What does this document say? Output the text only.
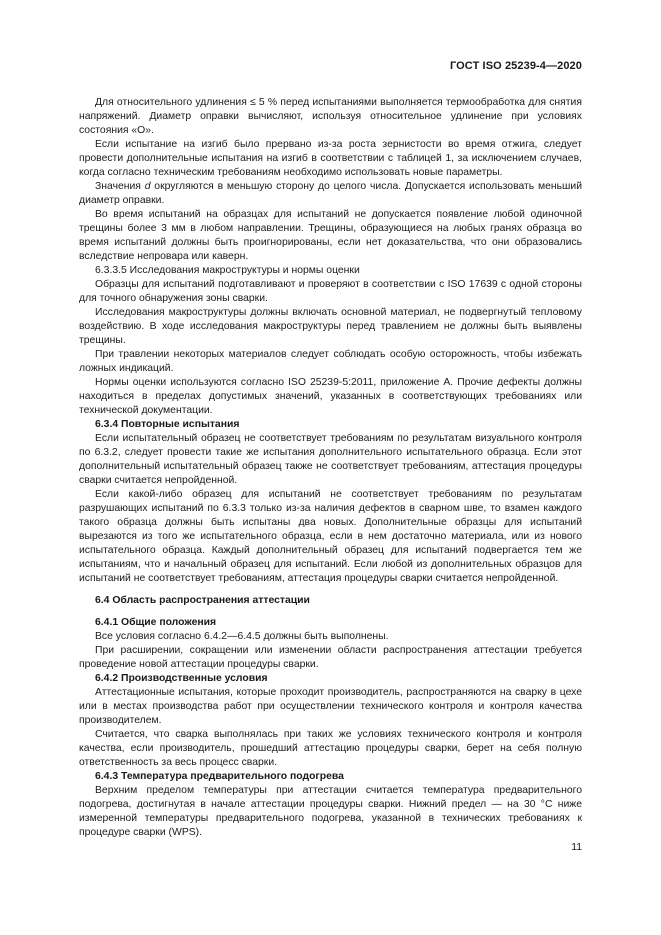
ГОСТ ISO 25239-4—2020

Для относительного удлинения ≤ 5 % перед испытаниями выполняется термообработка для снятия напряжений. Диаметр оправки вычисляют, используя относительное удлинение при условиях состояния «О».

Если испытание на изгиб было прервано из-за роста зернистости во время отжига, следует провести дополнительные испытания на изгиб в соответствии с таблицей 1, за исключением случаев, когда согласно техническим требованиям необходимо использовать новые параметры.

Значения d округляются в меньшую сторону до целого числа. Допускается использовать меньший диаметр оправки.

Во время испытаний на образцах для испытаний не допускается появление любой одиночной трещины более 3 мм в любом направлении. Трещины, образующиеся на любых гранях образца во время испытаний должны быть проигнорированы, если нет доказательства, что они образовались вследствие непровара или каверн.

6.3.3.5 Исследования макроструктуры и нормы оценки

Образцы для испытаний подготавливают и проверяют в соответствии с ISO 17639 с одной стороны для точного обнаружения зоны сварки.

Исследования макроструктуры должны включать основной материал, не подвергнутый тепловому воздействию. В ходе исследования макроструктуры перед травлением не должны быть выявлены трещины.

При травлении некоторых материалов следует соблюдать особую осторожность, чтобы избежать ложных индикаций.

Нормы оценки используются согласно ISO 25239-5:2011, приложение А. Прочие дефекты должны находиться в пределах допустимых значений, указанных в соответствующих требованиях или технической документации.

6.3.4 Повторные испытания

Если испытательный образец не соответствует требованиям по результатам визуального контроля по 6.3.2, следует провести такие же испытания дополнительного испытательного образца. Если этот дополнительный испытательный образец также не соответствует требованиям, аттестация процедуры сварки считается непройденной.

Если какой-либо образец для испытаний не соответствует требованиям по результатам разрушающих испытаний по 6.3.3 только из-за наличия дефектов в сварном шве, то взамен каждого такого образца должны быть испытаны два новых. Дополнительные образцы для испытаний вырезаются из того же испытательного образца, если в нем достаточно материала, или из нового испытательного образца. Каждый дополнительный образец для испытаний подвергается тем же испытаниям, что и начальный образец для испытаний. Если любой из дополнительных образцов для испытаний не соответствует требованиям, аттестация процедуры сварки считается непройденной.

6.4 Область распространения аттестации
6.4.1 Общие положения

Все условия согласно 6.4.2—6.4.5 должны быть выполнены.

При расширении, сокращении или изменении области распространения аттестации требуется проведение новой аттестации процедуры сварки.

6.4.2 Производственные условия

Аттестационные испытания, которые проходит производитель, распространяются на сварку в цехе или в местах производства работ при осуществлении технического контроля и контроля качества производителем.

Считается, что сварка выполнялась при таких же условиях технического контроля и контроля качества, если производитель, прошедший аттестацию процедуры сварки, берет на себя полную ответственность за весь процесс сварки.

6.4.3 Температура предварительного подогрева

Верхним пределом температуры при аттестации считается температура предварительного подогрева, достигнутая в начале аттестации процедуры сварки. Нижний предел — на 30 °С ниже измеренной температуры предварительного подогрева, указанной в технических требованиях к процедуре сварки (WPS).

11
